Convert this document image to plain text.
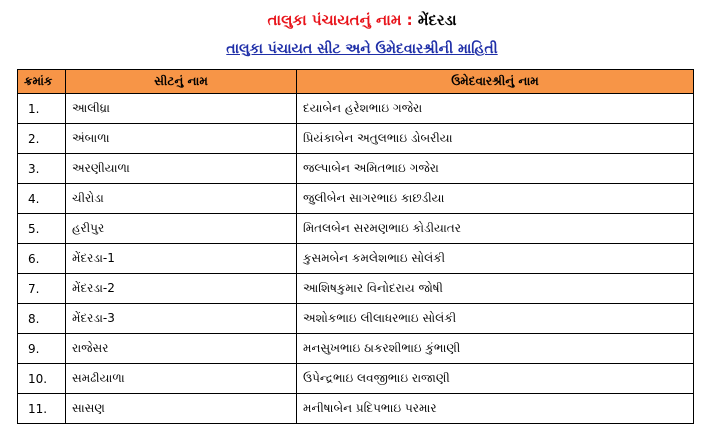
તાલુકા પંચાયતનું નામ : મેંદરડા
તાલુકા પંચાયત સીટ અને ઉમેદવારશ્રીની માહિતી
ક્રમાંક	સીટનું નામ	ઉમેદવારશ્રીનું નામ
1.	આલીધ્રા	દયાબેન હરેશભાઇ ગજેરા
2.	અંબાળા	પ્રિયંકાબેન અતુલભાઇ ડોબરીયા
3.	અરણીયાળા	જલ્પાબેન અમિતભાઇ ગજેરા
4.	ચીરોડા	જુલીબેન સાગરભાઇ કાછડીયા
5.	હરીપુર	મિતલબેન સરમણભાઇ કોડીયાતર
6.	મેંદરડા-1	કુસમબેન કમલેશભાઇ સોલંકી
7.	મેંદરડા-2	આશિષકુમાર વિનોદરાય જોષી
8.	મેંદરડા-3	અશોકભાઇ લીલાધરભાઇ સોલંકી
9.	રાજેસર	મનસુખભાઇ ઠાકરશીભાઇ કુંભાણી
10.	સમઢીયાળા	ઉપેન્દ્રભાઇ લવજીભાઇ રાજાણી
11.	સાસણ	મનીષાબેન પ્રદિપભાઇ પરમાર
